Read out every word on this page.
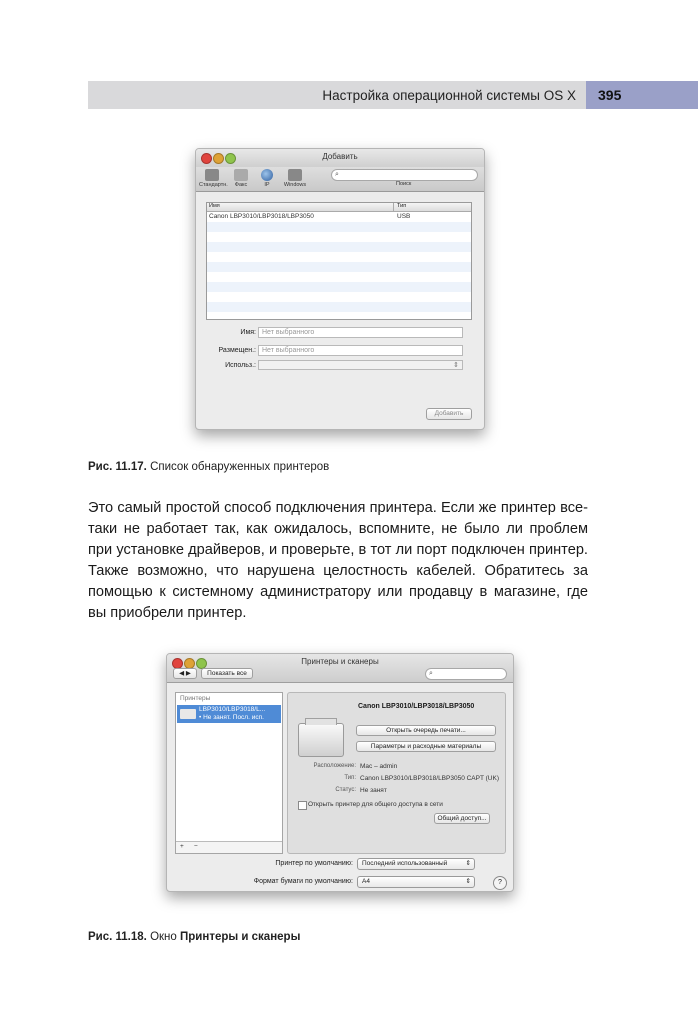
Настройка операционной системы OS X 395
Добавить
Стандартн.	Факс	IP	Windows
⌕
Поиск
Имя	Тип
Canon LBP3010/LBP3018/LBP3050	USB
Имя: Нет выбранного
Размещен.: Нет выбранного
Использ.:	⇕
Добавить
Рис. 11.17. Список обнаруженных принтеров
Это самый простой способ подключения принтера. Если же принтер все-таки не работает так, как ожидалось, вспомните, не было ли проблем при установке драйверов, и проверьте, в тот ли порт подключен принтер. Также возможно, что нарушена целостность кабелей. Обратитесь за помощью к системному администратору или продавцу в магазине, где вы приобрели принтер.
Принтеры и сканеры
◀ ▶	Показать все	⌕
Принтеры
LBP3010/LBP3018/L...
• Не занят. Посл. исп.
+ −
Canon LBP3010/LBP3018/LBP3050
Открыть очередь печати...
Параметры и расходные материалы
Расположение: Mac – admin
Тип: Canon LBP3010/LBP3018/LBP3050 CAPT (UK)
Статус: Не занят
Открыть принтер для общего доступа в сети
Общий доступ...
Принтер по умолчанию:	Последний использованный	⇕
Формат бумаги по умолчанию:	A4	⇕	?
Рис. 11.18. Окно Принтеры и сканеры
